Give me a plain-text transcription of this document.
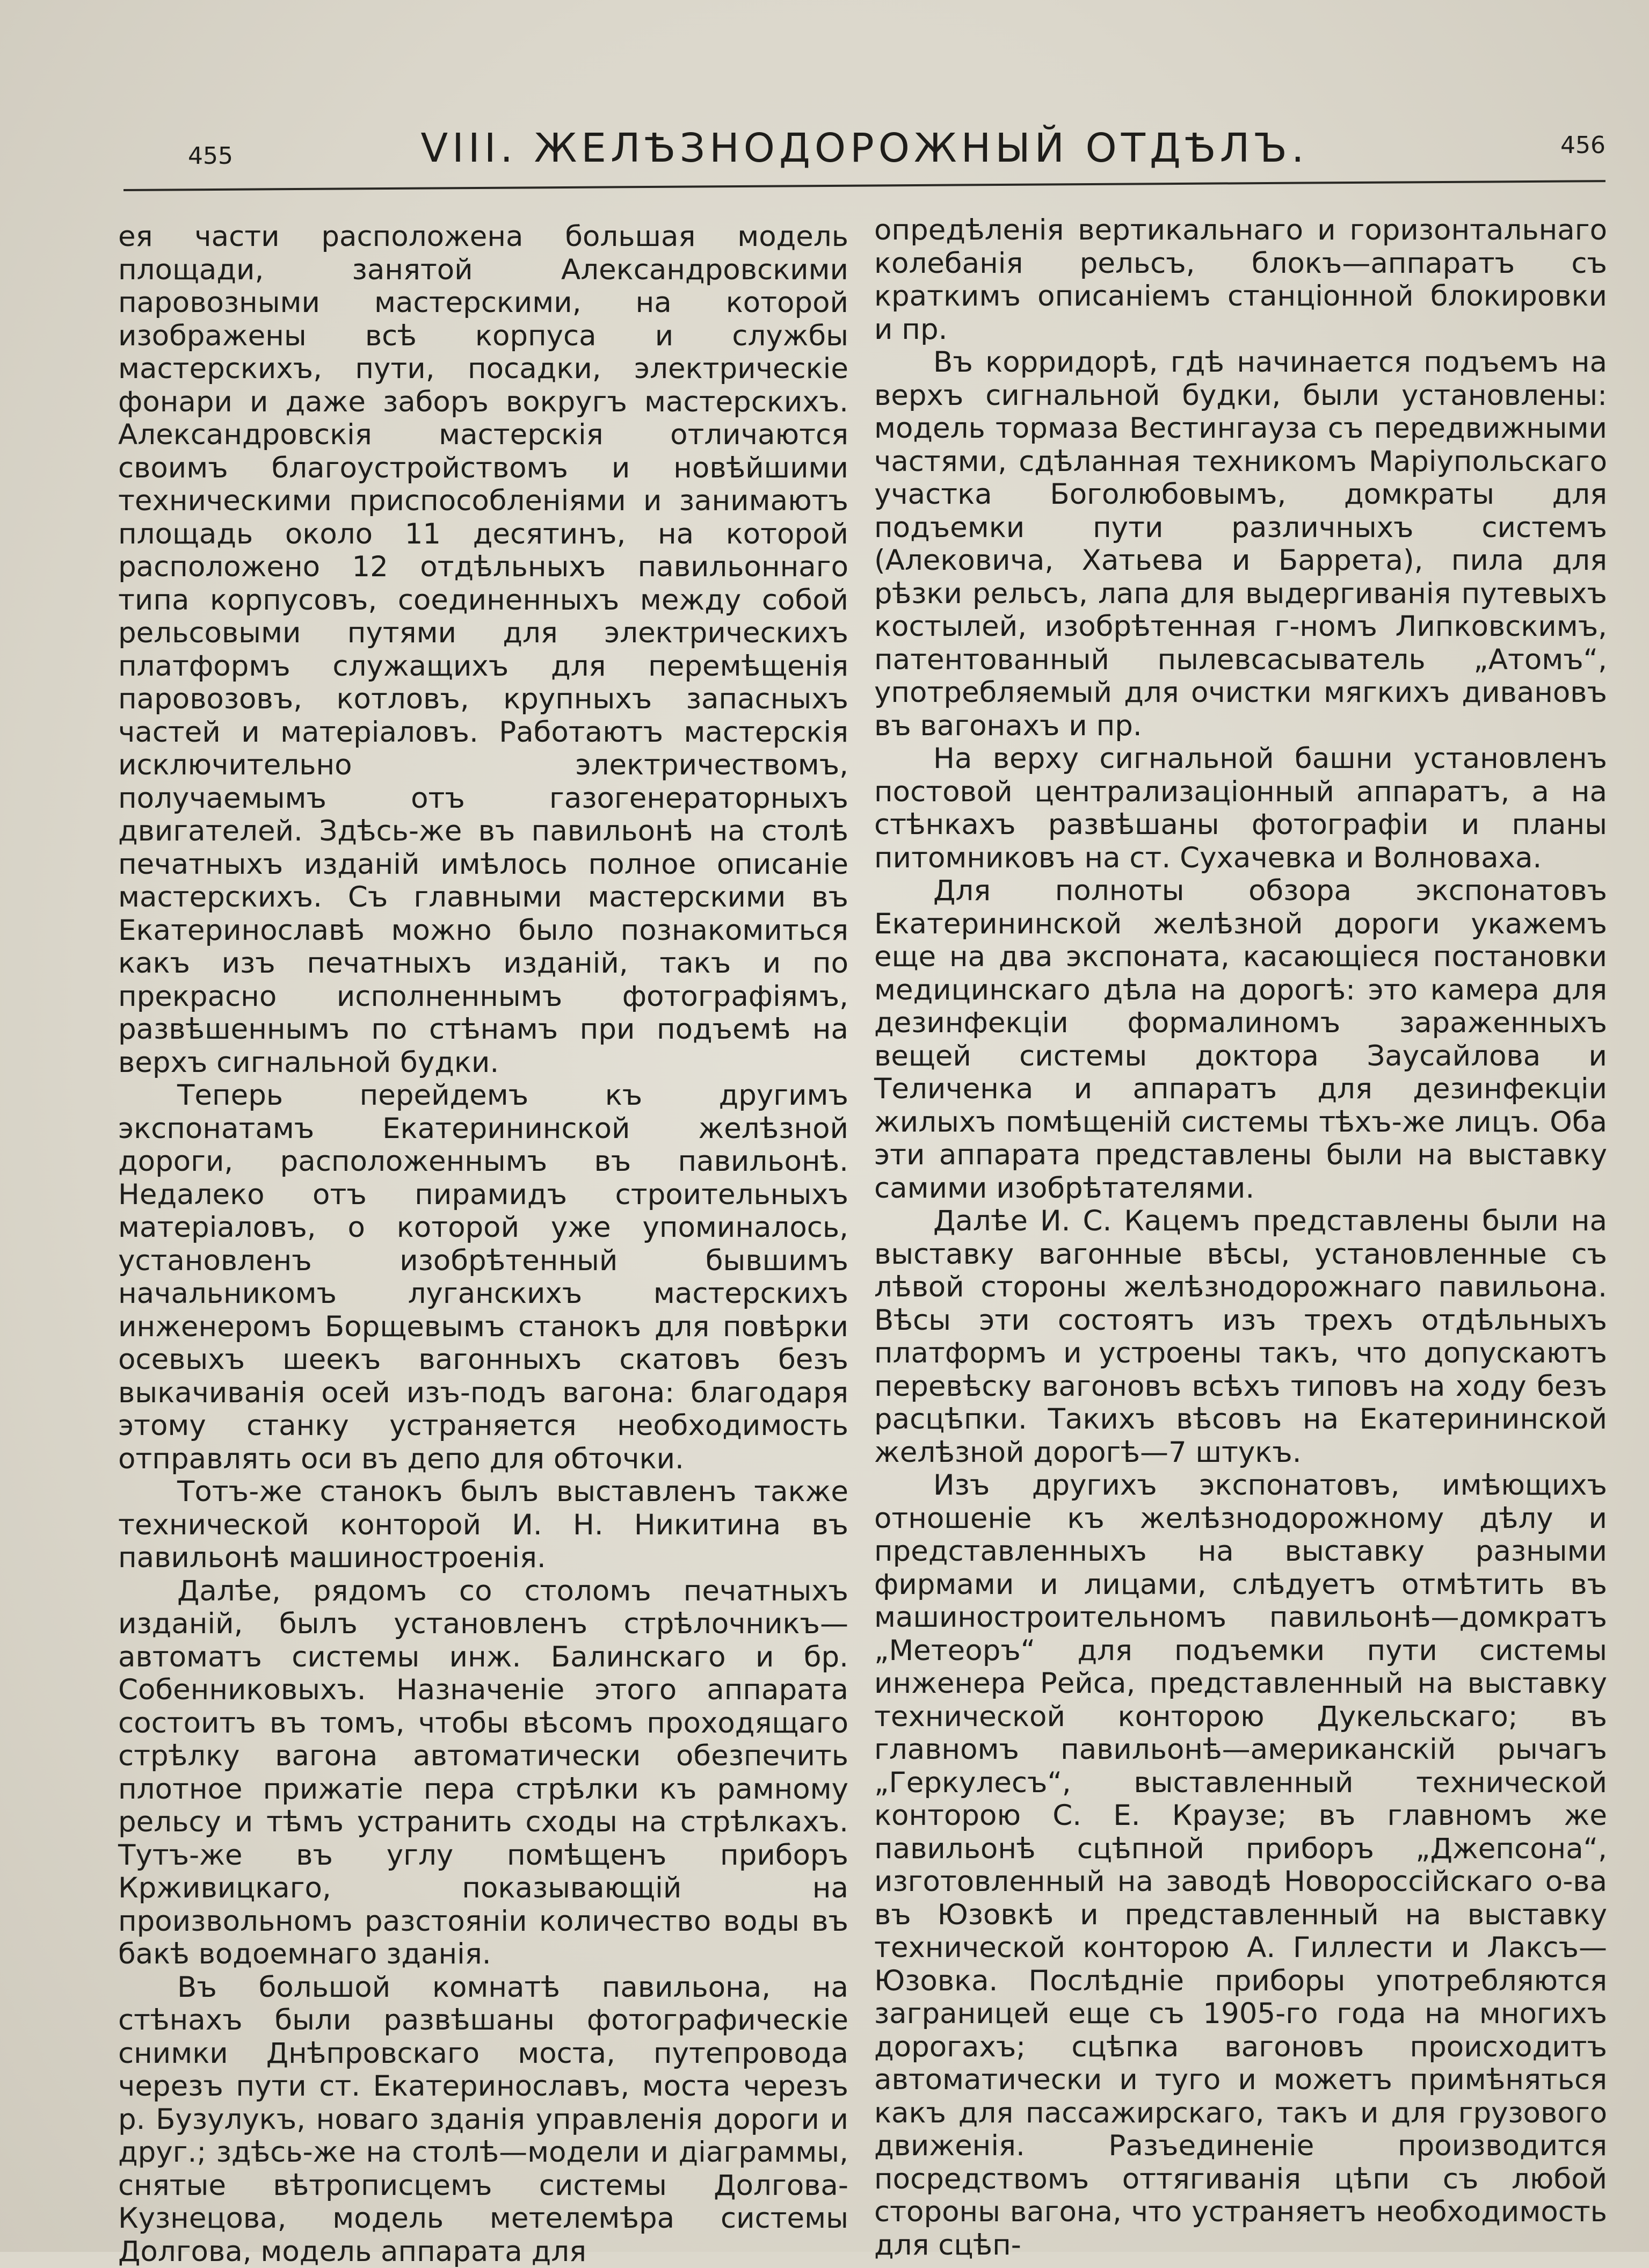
455	VIII. ЖЕЛѢЗНОДОРОЖНЫЙ ОТДѢЛЪ.	456

ея части расположена большая модель площади, занятой Александровскими паровозными мастерскими, на которой изображены всѣ корпуса и службы мастерскихъ, пути, посадки, электрическіе фонари и даже заборъ вокругъ мастерскихъ. Александровскія мастерскія отличаются своимъ благоустройствомъ и новѣйшими техническими приспособленіями и занимаютъ площадь около 11 десятинъ, на которой расположено 12 отдѣльныхъ павильоннаго типа корпусовъ, соединенныхъ между собой рельсовыми путями для электрическихъ платформъ служащихъ для перемѣщенія паровозовъ, котловъ, крупныхъ запасныхъ частей и матеріаловъ. Работаютъ мастерскія исключительно электричествомъ, получаемымъ отъ газогенераторныхъ двигателей. Здѣсь-же въ павильонѣ на столѣ печатныхъ изданій имѣлось полное описаніе мастерскихъ. Съ главными мастерскими въ Екатеринославѣ можно было познакомиться какъ изъ печатныхъ изданій, такъ и по прекрасно исполненнымъ фотографіямъ, развѣшеннымъ по стѣнамъ при подъемѣ на верхъ сигнальной будки.

Теперь перейдемъ къ другимъ экспонатамъ Екатерининской желѣзной дороги, расположеннымъ въ павильонѣ. Недалеко отъ пирамидъ строительныхъ матеріаловъ, о которой уже упоминалось, установленъ изобрѣтенный бывшимъ начальникомъ луганскихъ мастерскихъ инженеромъ Борщевымъ станокъ для повѣрки осевыхъ шеекъ вагонныхъ скатовъ безъ выкачиванія осей изъ-подъ вагона: благодаря этому станку устраняется необходимость отправлять оси въ депо для обточки.

Тотъ-же станокъ былъ выставленъ также технической конторой И. Н. Никитина въ павильонѣ машиностроенія.

Далѣе, рядомъ со столомъ печатныхъ изданій, былъ установленъ стрѣлочникъ—автоматъ системы инж. Балинскаго и бр. Собенниковыхъ. Назначеніе этого аппарата состоитъ въ томъ, чтобы вѣсомъ проходящаго стрѣлку вагона автоматически обезпечить плотное прижатіе пера стрѣлки къ рамному рельсу и тѣмъ устранить сходы на стрѣлкахъ. Тутъ-же въ углу помѣщенъ приборъ Крживицкаго, показывающій на произвольномъ разстояніи количество воды въ бакѣ водоемнаго зданія.

Въ большой комнатѣ павильона, на стѣнахъ были развѣшаны фотографическіе снимки Днѣпровскаго моста, путепровода черезъ пути ст. Екатеринославъ, моста черезъ р. Бузулукъ, новаго зданія управленія дороги и друг.; здѣсь-же на столѣ—модели и діаграммы, снятые вѣтрописцемъ системы Долгова-Кузнецова, модель метелемѣра системы Долгова, модель аппарата для

опредѣленія вертикальнаго и горизонтальнаго колебанія рельсъ, блокъ—аппаратъ съ краткимъ описаніемъ станціонной блокировки и пр.

Въ корридорѣ, гдѣ начинается подъемъ на верхъ сигнальной будки, были установлены: модель тормаза Вестингауза съ передвижными частями, сдѣланная техникомъ Маріупольскаго участка Боголюбовымъ, домкраты для подъемки пути различныхъ системъ (Алековича, Хатьева и Баррета), пила для рѣзки рельсъ, лапа для выдергиванія путевыхъ костылей, изобрѣтенная г-номъ Липковскимъ, патентованный пылевсасыватель „Атомъ“, употребляемый для очистки мягкихъ дивановъ въ вагонахъ и пр.

На верху сигнальной башни установленъ постовой централизаціонный аппаратъ, а на стѣнкахъ развѣшаны фотографіи и планы питомниковъ на ст. Сухачевка и Волноваха.

Для полноты обзора экспонатовъ Екатерининской желѣзной дороги укажемъ еще на два экспоната, касающіеся постановки медицинскаго дѣла на дорогѣ: это камера для дезинфекціи формалиномъ зараженныхъ вещей системы доктора Заусайлова и Теличенка и аппаратъ для дезинфекціи жилыхъ помѣщеній системы тѣхъ-же лицъ. Оба эти аппарата представлены были на выставку самими изобрѣтателями.

Далѣе И. С. Кацемъ представлены были на выставку вагонные вѣсы, установленные съ лѣвой стороны желѣзнодорожнаго павильона. Вѣсы эти состоятъ изъ трехъ отдѣльныхъ платформъ и устроены такъ, что допускаютъ перевѣску вагоновъ всѣхъ типовъ на ходу безъ расцѣпки. Такихъ вѣсовъ на Екатерининской желѣзной дорогѣ—7 штукъ.

Изъ другихъ экспонатовъ, имѣющихъ отношеніе къ желѣзнодорожному дѣлу и представленныхъ на выставку разными фирмами и лицами, слѣдуетъ отмѣтить въ машиностроительномъ павильонѣ—домкратъ „Метеоръ“ для подъемки пути системы инженера Рейса, представленный на выставку технической конторою Дукельскаго; въ главномъ павильонѣ—американскій рычагъ „Геркулесъ“, выставленный технической конторою С. Е. Краузе; въ главномъ же павильонѣ сцѣпной приборъ „Джепсона“, изготовленный на заводѣ Новороссійскаго о-ва въ Юзовкѣ и представленный на выставку технической конторою А. Гиллести и Лаксъ—Юзовка. Послѣдніе приборы употребляются заграницей еще съ 1905-го года на многихъ дорогахъ; сцѣпка вагоновъ происходитъ автоматически и туго и можетъ примѣняться какъ для пассажирскаго, такъ и для грузового движенія. Разъединеніе производится посредствомъ оттягиванія цѣпи съ любой стороны вагона, что устраняетъ необходимость для сцѣп-
